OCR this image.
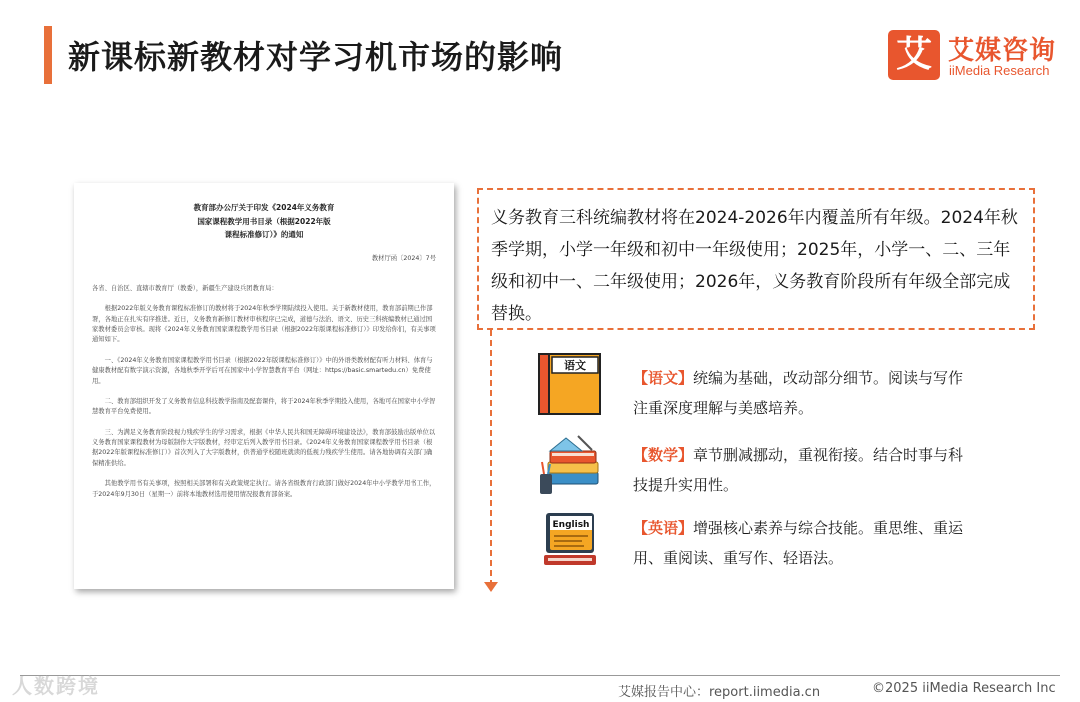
新课标新教材对学习机市场的影响	艾 艾媒咨询
iiMedia Research
教育部办公厅关于印发《2024年义务教育
国家课程教学用书目录（根据2022年版
课程标准修订）》的通知
教材厅函〔2024〕7号
各省、自治区、直辖市教育厅（教委），新疆生产建设兵团教育局：
根据2022年版义务教育课程标准修订的教材将于2024年秋季学期陆续投入使用。关于新教材使用，教育部前期已作部署，各地正在扎实有序推进。近日，义务教育新修订教材审核程序已完成，道德与法治、语文、历史三科统编教材已通过国家教材委员会审核。现将《2024年义务教育国家课程教学用书目录（根据2022年版课程标准修订）》印发给你们，有关事项通知如下。
一、《2024年义务教育国家课程教学用书目录（根据2022年版课程标准修订）》中的外语类教材配有听力材料、体育与健康教材配有数字演示资源，各地秋季开学后可在国家中小学智慧教育平台（网址：https://basic.smartedu.cn）免费使用。
二、教育部组织开发了义务教育信息科技教学指南及配套课件，将于2024年秋季学期投入使用，各地可在国家中小学智慧教育平台免费使用。
三、为满足义务教育阶段视力残疾学生的学习需求，根据《中华人民共和国无障碍环境建设法》，教育部鼓励出版单位以义务教育国家课程教材为母版制作大字版教材，经审定后列入教学用书目录。《2024年义务教育国家课程教学用书目录（根据2022年版课程标准修订）》首次列入了大字版教材，供普通学校随班就读的低视力残疾学生使用。请各地协调有关部门确保精准供给。
其他教学用书有关事项，按照相关部署和有关政策规定执行。请各省级教育行政部门做好2024年中小学教学用书工作，于2024年9月30日（星期一）前将本地教材选用使用情况报教育部备案。
义务教育三科统编教材将在2024-2026年内覆盖所有年级。2024年秋季学期，小学一年级和初中一年级使用；2025年，小学一、二、三年级和初中一、二年级使用；2026年，义务教育阶段所有年级全部完成替换。
语文
English
【语文】统编为基础，改动部分细节。阅读与写作注重深度理解与美感培养。
【数学】章节删减挪动，重视衔接。结合时事与科技提升实用性。
【英语】增强核心素养与综合技能。重思维、重运用、重阅读、重写作、轻语法。
人数跨境	艾媒报告中心：report.iimedia.cn	©2025 iiMedia Research Inc
